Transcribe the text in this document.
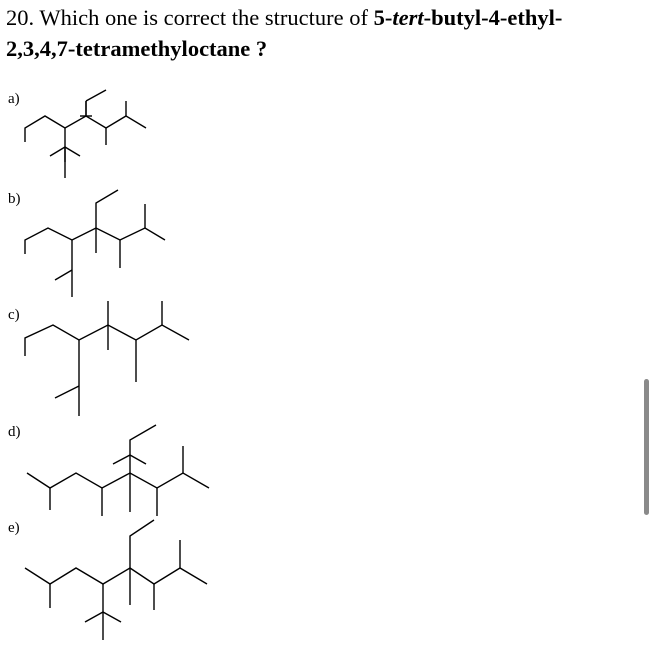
20. Which one is correct the structure of 5-tert-butyl-4-ethyl-
2,3,4,7-tetramethyloctane ?
a)
b)
c)
d)
e)
